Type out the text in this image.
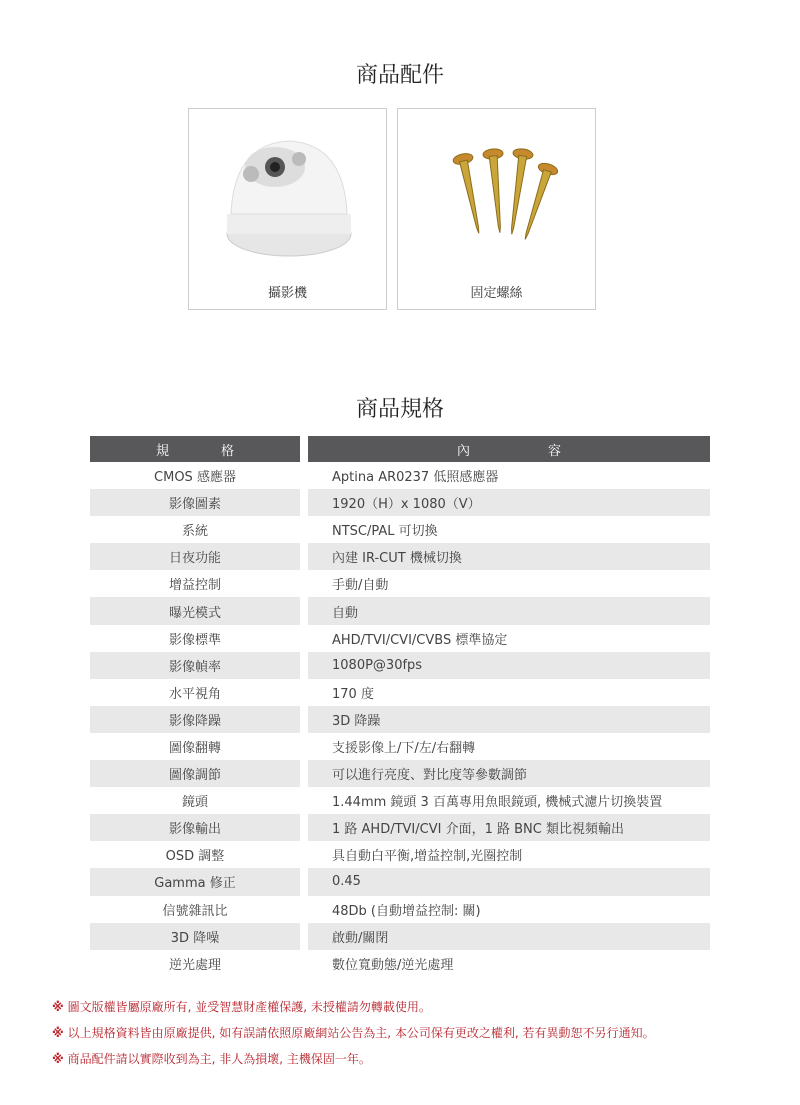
商品配件
攝影機	固定螺絲
商品規格
規 格	內 容

CMOS 感應器	Aptina AR0237 低照感應器
影像圖素	1920（H）x 1080（V）
系統	NTSC/PAL 可切換
日夜功能	內建 IR-CUT 機械切換
增益控制	手動/自動
曝光模式	自動
影像標準	AHD/TVI/CVI/CVBS 標準協定
影像幀率	1080P@30fps
水平視角	170 度
影像降躁	3D 降躁
圖像翻轉	支援影像上/下/左/右翻轉
圖像調節	可以進行亮度、對比度等參數調節
鏡頭	1.44mm 鏡頭 3 百萬專用魚眼鏡頭, 機械式濾片切換裝置
影像輸出	1 路 AHD/TVI/CVI 介面，1 路 BNC 類比視頻輸出
OSD 調整	具自動白平衡,增益控制,光圈控制
Gamma 修正	0.45
信號雜訊比	48Db (自動增益控制: 關)
3D 降噪	啟動/關閉
逆光處理	數位寬動態/逆光處理
※ 圖文版權皆屬原廠所有, 並受智慧財產權保護, 未授權請勿轉載使用。
※ 以上規格資料皆由原廠提供, 如有誤請依照原廠網站公告為主, 本公司保有更改之權利, 若有異動恕不另行通知。
※ 商品配件請以實際收到為主, 非人為損壞, 主機保固一年。
